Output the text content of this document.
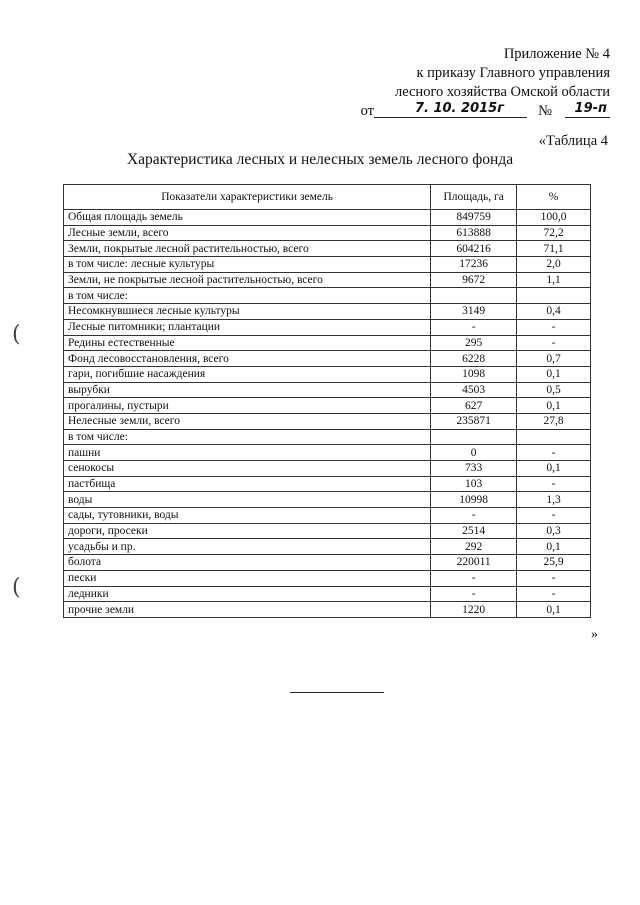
Приложение № 4
к приказу Главного управления
лесного хозяйства Омской области
от	7. 10. 2015г № 19-п
«Таблица 4
Характеристика лесных и нелесных земель лесного фонда
Показатели характеристики земель	Площадь, га	%
Общая площадь земель	849759	100,0
Лесные земли, всего	613888	72,2
Земли, покрытые лесной растительностью, всего	604216	71,1
в том числе: лесные культуры	17236	2,0
Земли, не покрытые лесной растительностью, всего	9672	1,1
в том числе:		
Несомкнувшиеся лесные культуры	3149	0,4
Лесные питомники; плантации	-	-
Редины естественные	295	-
Фонд лесовосстановления, всего	6228	0,7
гари, погибшие насаждения	1098	0,1
вырубки	4503	0,5
прогалины, пустыри	627	0,1
Нелесные земли, всего	235871	27,8
в том числе:		
пашни	0	-
сенокосы	733	0,1
пастбища	103	-
воды	10998	1,3
сады, тутовники, воды	-	-
дороги, просеки	2514	0,3
усадьбы и пр.	292	0,1
болота	220011	25,9
пески	-	-
ледники	-	-
прочие земли	1220	0,1
»
(
(
